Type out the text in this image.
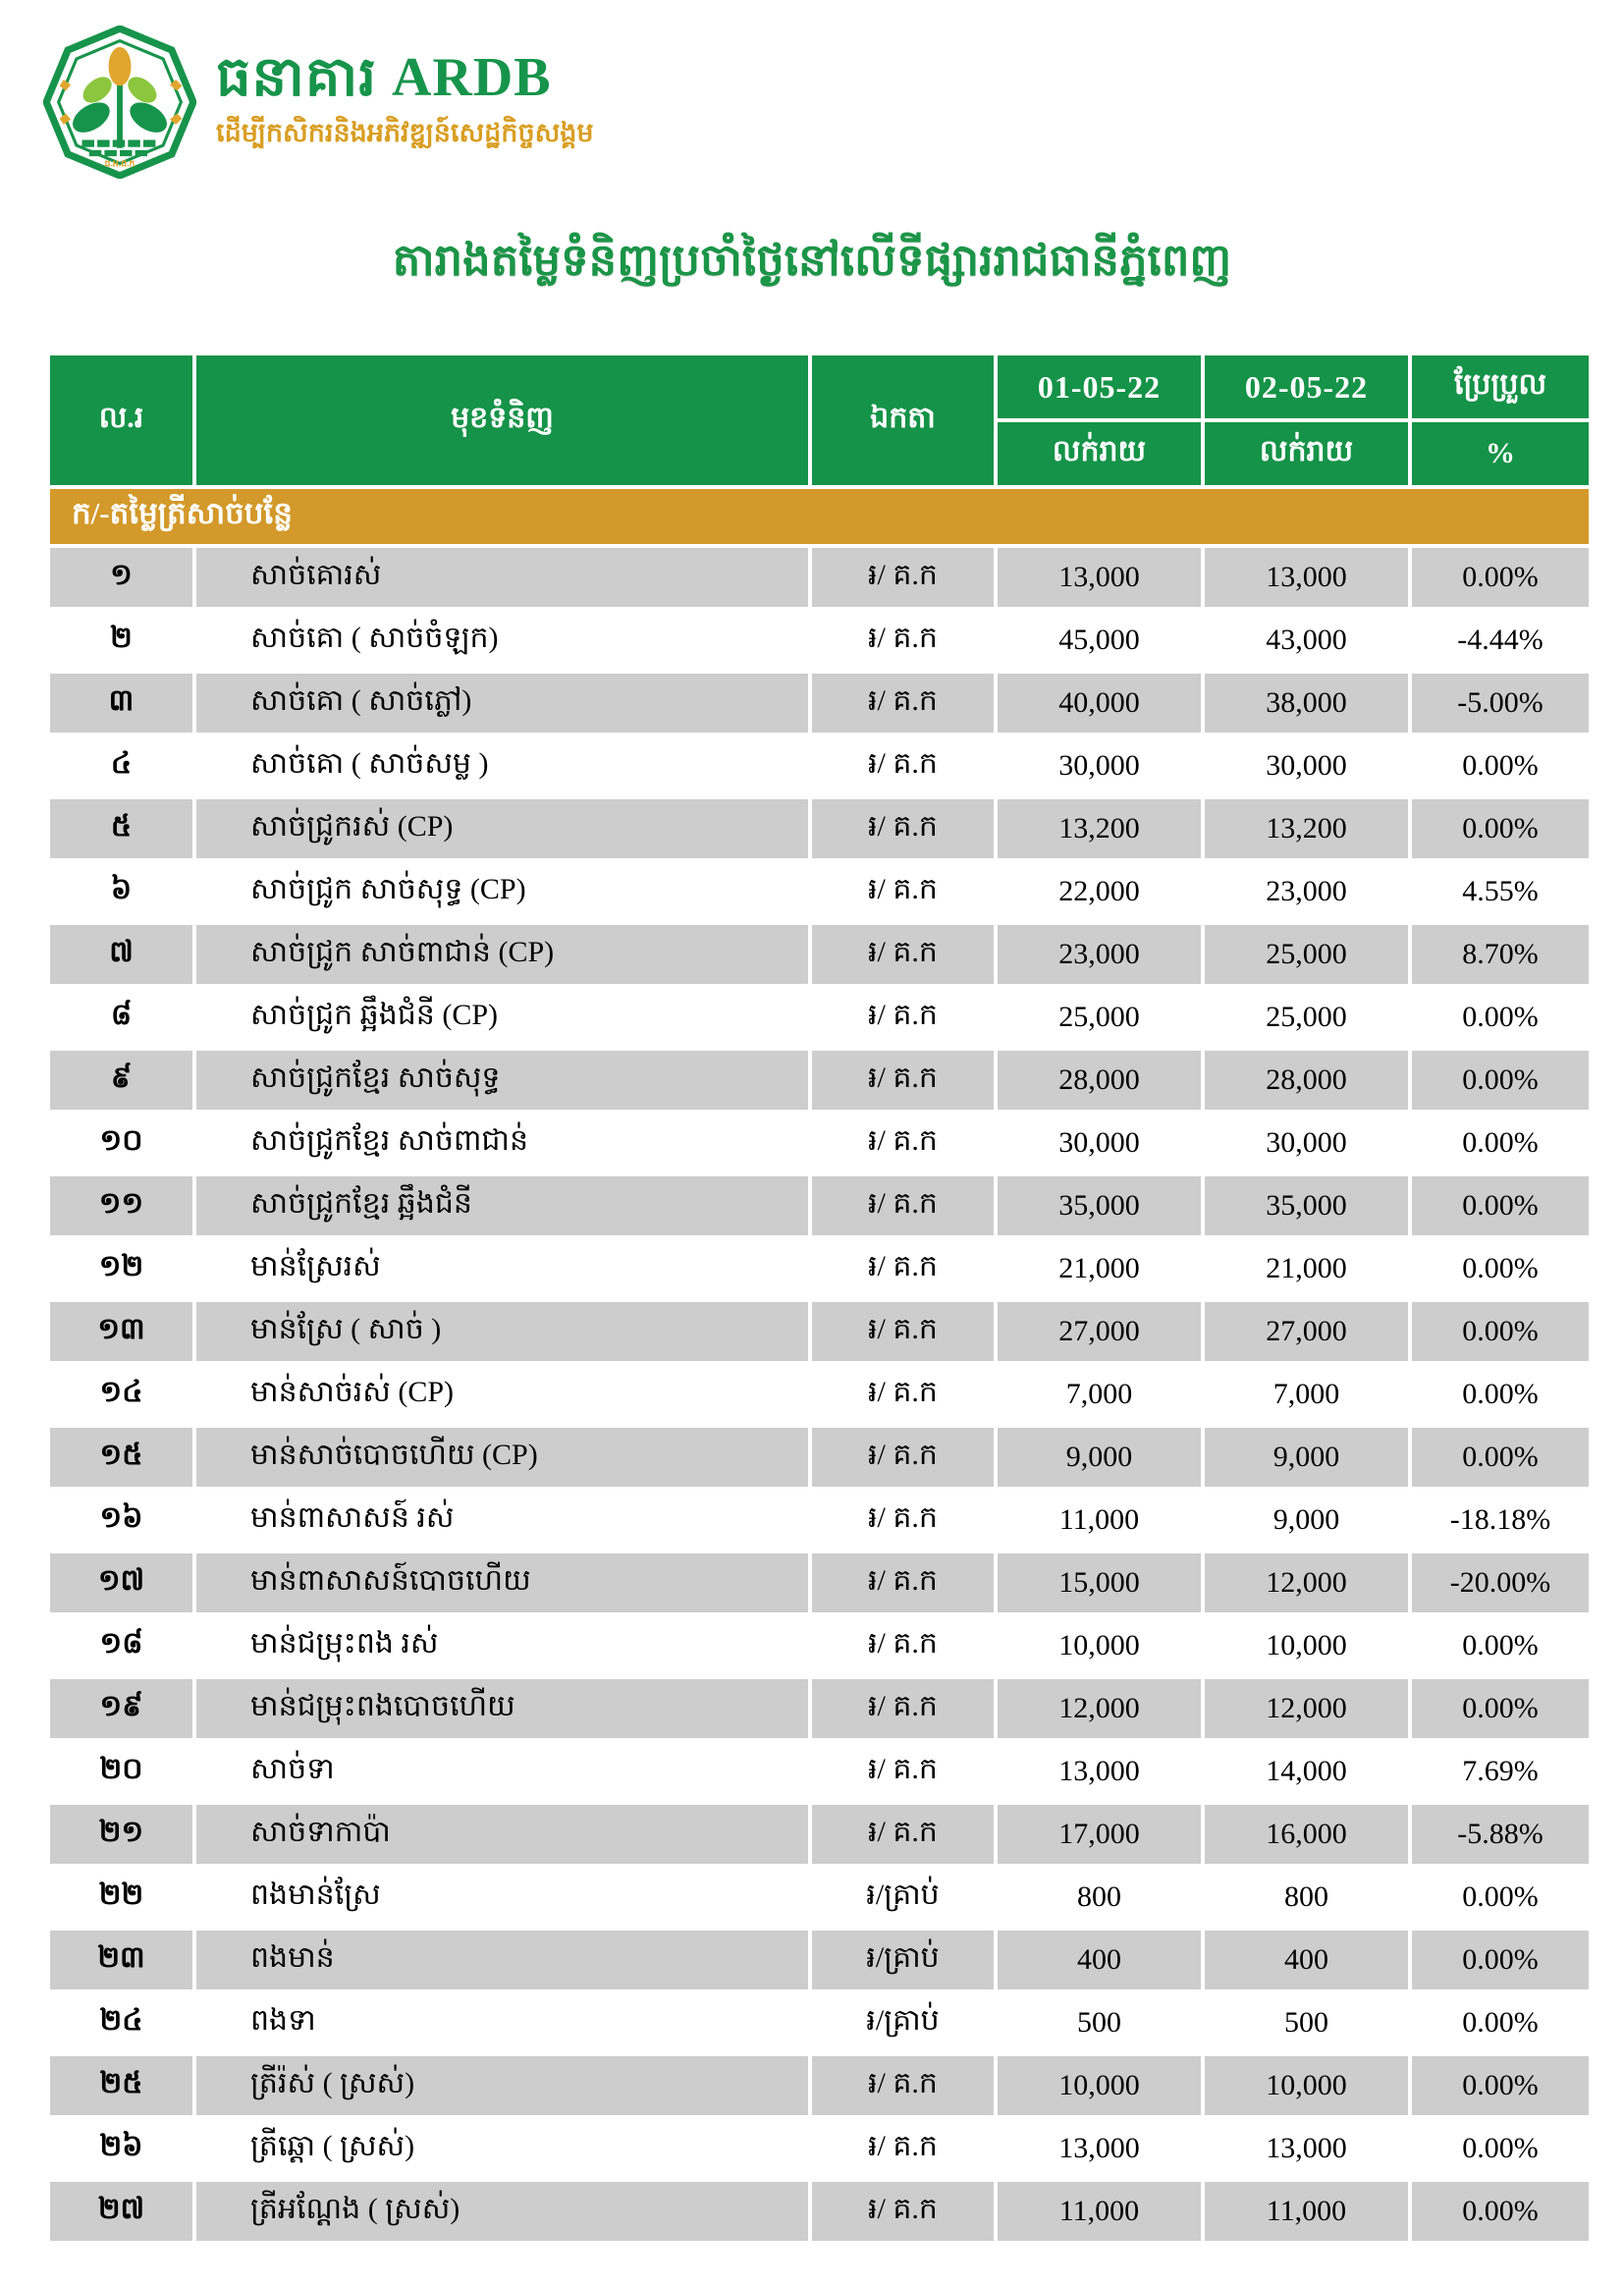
ធ.អ.ជ.ក
ធនាគារ ARDB
ដើម្បីកសិករនិងអភិវឌ្ឍន៍សេដ្ឋកិច្ចសង្គម
តារាងតម្លៃទំនិញប្រចាំថ្ងៃនៅលើទីផ្សាររាជធានីភ្នំពេញ
ល.រ	មុខទំនិញ	ឯកតា	01-05-22	02-05-22	ប្រែប្រួល
			លក់រាយ	លក់រាយ	%
ក/-តម្លៃត្រីសាច់បន្លែ					
១	សាច់គោរស់	៛/ គ.ក	13,000	13,000	0.00%
២	សាច់គោ ( សាច់ចំឡក)	៛/ គ.ក	45,000	43,000	-4.44%
៣	សាច់គោ ( សាច់ភ្លៅ)	៛/ គ.ក	40,000	38,000	-5.00%
៤	សាច់គោ ( សាច់សម្ល )	៛/ គ.ក	30,000	30,000	0.00%
៥	សាច់ជ្រូករស់ (CP)	៛/ គ.ក	13,200	13,200	0.00%
៦	សាច់ជ្រូក សាច់សុទ្ធ (CP)	៛/ គ.ក	22,000	23,000	4.55%
៧	សាច់ជ្រូក សាច់ពាជាន់ (CP)	៛/ គ.ក	23,000	25,000	8.70%
៨	សាច់ជ្រូក ឆ្អឹងជំនី (CP)	៛/ គ.ក	25,000	25,000	0.00%
៩	សាច់ជ្រូកខ្មែរ សាច់សុទ្ធ	៛/ គ.ក	28,000	28,000	0.00%
១០	សាច់ជ្រូកខ្មែរ សាច់ពាជាន់	៛/ គ.ក	30,000	30,000	0.00%
១១	សាច់ជ្រូកខ្មែរ ឆ្អឹងជំនី	៛/ គ.ក	35,000	35,000	0.00%
១២	មាន់ស្រែរស់	៛/ គ.ក	21,000	21,000	0.00%
១៣	មាន់ស្រែ ( សាច់ )	៛/ គ.ក	27,000	27,000	0.00%
១៤	មាន់សាច់រស់ (CP)	៛/ គ.ក	7,000	7,000	0.00%
១៥	មាន់សាច់បោចហើយ (CP)	៛/ គ.ក	9,000	9,000	0.00%
១៦	មាន់ពាសាសន៍ រស់	៛/ គ.ក	11,000	9,000	-18.18%
១៧	មាន់ពាសាសន៍បោចហើយ	៛/ គ.ក	15,000	12,000	-20.00%
១៨	មាន់ជម្រុះពង រស់	៛/ គ.ក	10,000	10,000	0.00%
១៩	មាន់ជម្រុះពងបោចហើយ	៛/ គ.ក	12,000	12,000	0.00%
២០	សាច់ទា	៛/ គ.ក	13,000	14,000	7.69%
២១	សាច់ទាកាប៉ា	៛/ គ.ក	17,000	16,000	-5.88%
២២	ពងមាន់ស្រែ	៛/គ្រាប់	800	800	0.00%
២៣	ពងមាន់	៛/គ្រាប់	400	400	0.00%
២៤	ពងទា	៛/គ្រាប់	500	500	0.00%
២៥	ត្រីរ៉ស់ ( ស្រស់)	៛/ គ.ក	10,000	10,000	0.00%
២៦	ត្រីឆ្ដោ ( ស្រស់)	៛/ គ.ក	13,000	13,000	0.00%
២៧	ត្រីអណ្ដែង ( ស្រស់)	៛/ គ.ក	11,000	11,000	0.00%
